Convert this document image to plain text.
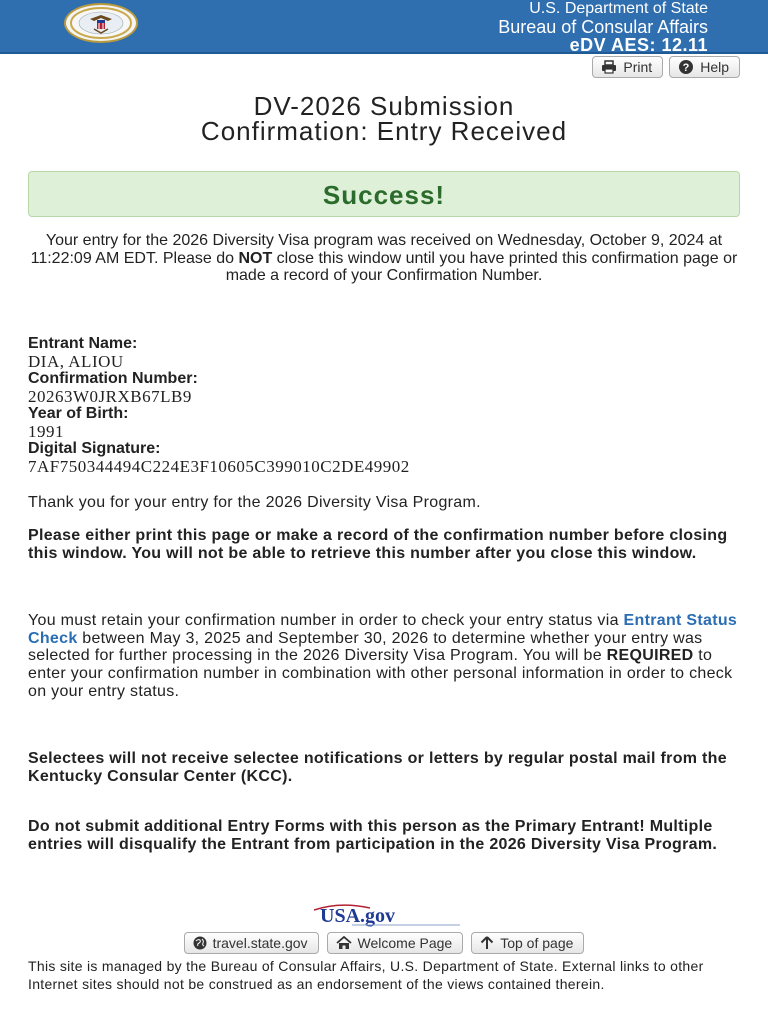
U.S. Department of State
Bureau of Consular Affairs
eDV AES: 12.11
Print	? Help
DV-2026 Submission
Confirmation: Entry Received
Success!
Your entry for the 2026 Diversity Visa program was received on Wednesday, October 9, 2024 at 11:22:09 AM EDT. Please do NOT close this window until you have printed this confirmation page or made a record of your Confirmation Number.
Entrant Name:
DIA, ALIOU
Confirmation Number:
20263W0JRXB67LB9
Year of Birth:
1991
Digital Signature:
7AF750344494C224E3F10605C399010C2DE49902
Thank you for your entry for the 2026 Diversity Visa Program.
Please either print this page or make a record of the confirmation number before closing this window. You will not be able to retrieve this number after you close this window.
You must retain your confirmation number in order to check your entry status via Entrant Status Check between May 3, 2025 and September 30, 2026 to determine whether your entry was selected for further processing in the 2026 Diversity Visa Program. You will be REQUIRED to enter your confirmation number in combination with other personal information in order to check on your entry status.
Selectees will not receive selectee notifications or letters by regular postal mail from the Kentucky Consular Center (KCC).
Do not submit additional Entry Forms with this person as the Primary Entrant! Multiple entries will disqualify the Entrant from participation in the 2026 Diversity Visa Program.
USA.gov
travel.state.gov	Welcome Page	Top of page
This site is managed by the Bureau of Consular Affairs, U.S. Department of State. External links to other Internet sites should not be construed as an endorsement of the views contained therein.
